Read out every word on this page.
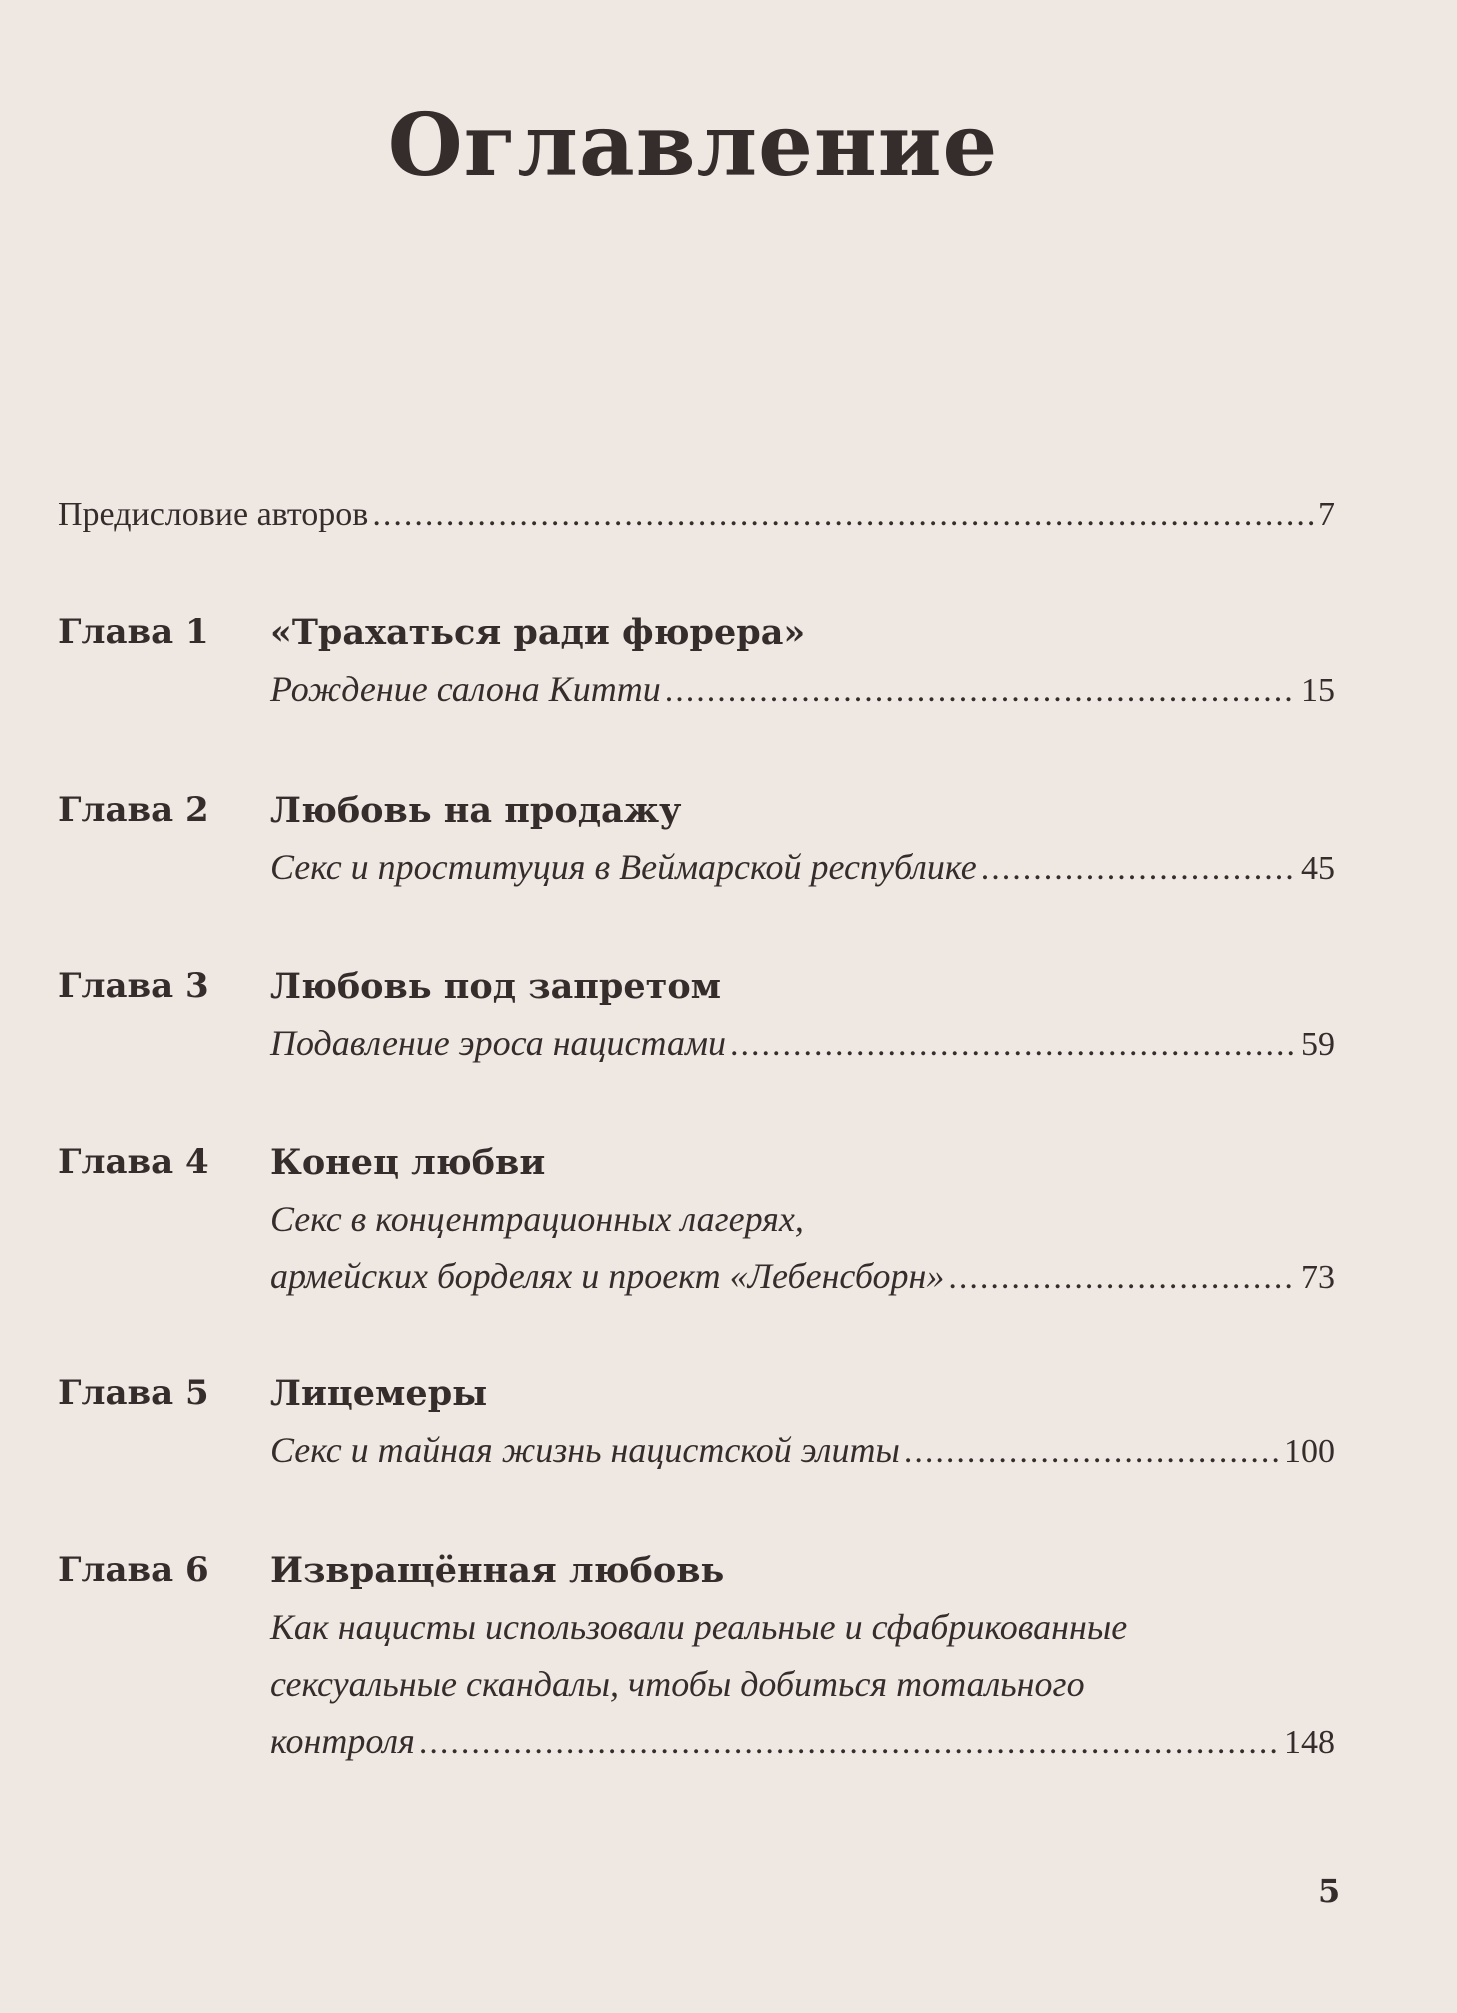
Оглавление
Предисловие авторов .....	7
Глава 1 «Трахаться ради фюрера»
Рождение салона Китти .....	15
Глава 2 Любовь на продажу
Секс и проституция в Веймарской республике .....	45
Глава 3 Любовь под запретом
Подавление эроса нацистами .....	59
Глава 4 Конец любви
Секс в концентрационных лагерях,
армейских борделях и проект «Лебенсборн» .....	73
Глава 5 Лицемеры
Секс и тайная жизнь нацистской элиты .....	100
Глава 6 Извращённая любовь
Как нацисты использовали реальные и сфабрикованные
сексуальные скандалы, чтобы добиться тотального
контроля .....	148
5
